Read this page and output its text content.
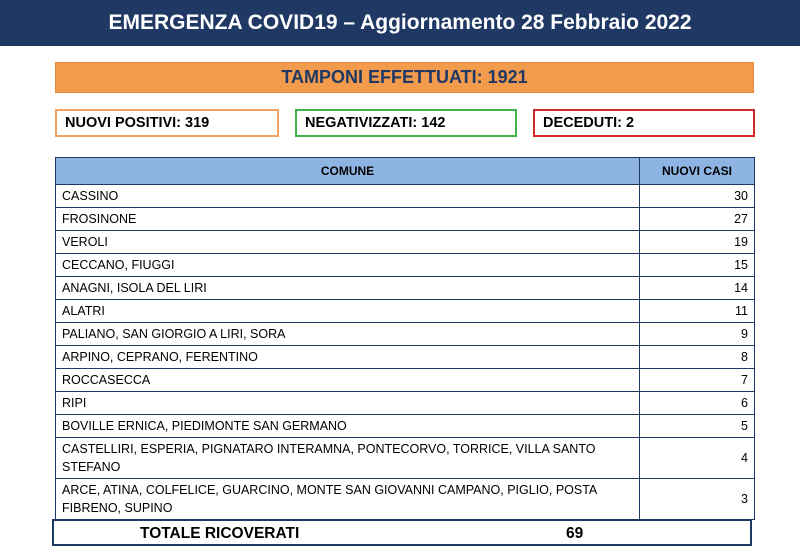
EMERGENZA COVID19 – Aggiornamento 28 Febbraio 2022
TAMPONI EFFETTUATI: 1921
NUOVI POSITIVI: 319	NEGATIVIZZATI: 142	DECEDUTI: 2
COMUNE	NUOVI CASI
CASSINO	30
FROSINONE	27
VEROLI	19
CECCANO, FIUGGI	15
ANAGNI, ISOLA DEL LIRI	14
ALATRI	11
PALIANO, SAN GIORGIO A LIRI, SORA	9
ARPINO, CEPRANO, FERENTINO	8
ROCCASECCA	7
RIPI	6
BOVILLE ERNICA, PIEDIMONTE SAN GERMANO	5
CASTELLIRI, ESPERIA, PIGNATARO INTERAMNA, PONTECORVO, TORRICE, VILLA SANTO STEFANO	4
ARCE, ATINA, COLFELICE, GUARCINO, MONTE SAN GIOVANNI CAMPANO, PIGLIO, POSTA FIBRENO, SUPINO	3
TOTALE RICOVERATI	69
